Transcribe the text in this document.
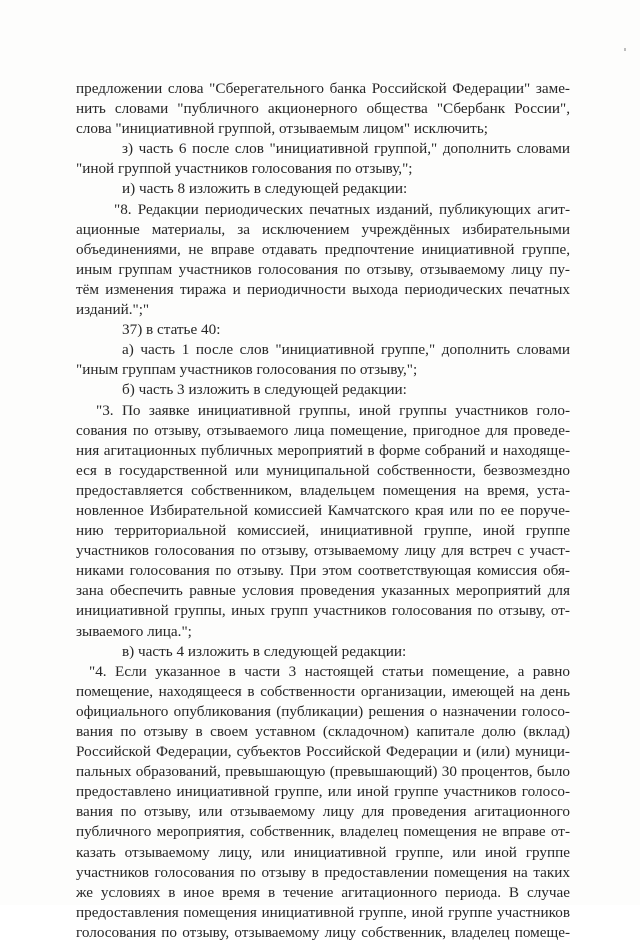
предложении слова "Сберегательного банка Российской Федерации" заме-
нить словами "публичного акционерного общества "Сбербанк России",
слова "инициативной группой, отзываемым лицом" исключить;
з) часть 6 после слов "инициативной группой," дополнить словами
"иной группой участников голосования по отзыву,";
и) часть 8 изложить в следующей редакции:
"8. Редакции периодических печатных изданий, публикующих агит-
ационные материалы, за исключением учреждённых избирательными
объединениями, не вправе отдавать предпочтение инициативной группе,
иным группам участников голосования по отзыву, отзываемому лицу пу-
тём изменения тиража и периодичности выхода периодических печатных
изданий.";"
37) в статье 40:
а) часть 1 после слов "инициативной группе," дополнить словами
"иным группам участников голосования по отзыву,";
б) часть 3 изложить в следующей редакции:
"3. По заявке инициативной группы, иной группы участников голо-
сования по отзыву, отзываемого лица помещение, пригодное для проведе-
ния агитационных публичных мероприятий в форме собраний и находяще-
еся в государственной или муниципальной собственности, безвозмездно
предоставляется собственником, владельцем помещения на время, уста-
новленное Избирательной комиссией Камчатского края или по ее поруче-
нию территориальной комиссией, инициативной группе, иной группе
участников голосования по отзыву, отзываемому лицу для встреч с участ-
никами голосования по отзыву. При этом соответствующая комиссия обя-
зана обеспечить равные условия проведения указанных мероприятий для
инициативной группы, иных групп участников голосования по отзыву, от-
зываемого лица.";
в) часть 4 изложить в следующей редакции:
"4. Если указанное в части 3 настоящей статьи помещение, а равно
помещение, находящееся в собственности организации, имеющей на день
официального опубликования (публикации) решения о назначении голосо-
вания по отзыву в своем уставном (складочном) капитале долю (вклад)
Российской Федерации, субъектов Российской Федерации и (или) муници-
пальных образований, превышающую (превышающий) 30 процентов, было
предоставлено инициативной группе, или иной группе участников голосо-
вания по отзыву, или отзываемому лицу для проведения агитационного
публичного мероприятия, собственник, владелец помещения не вправе от-
казать отзываемому лицу, или инициативной группе, или иной группе
участников голосования по отзыву в предоставлении помещения на таких
же условиях в иное время в течение агитационного периода. В случае
предоставления помещения инициативной группе, иной группе участников
голосования по отзыву, отзываемому лицу собственник, владелец помеще-
